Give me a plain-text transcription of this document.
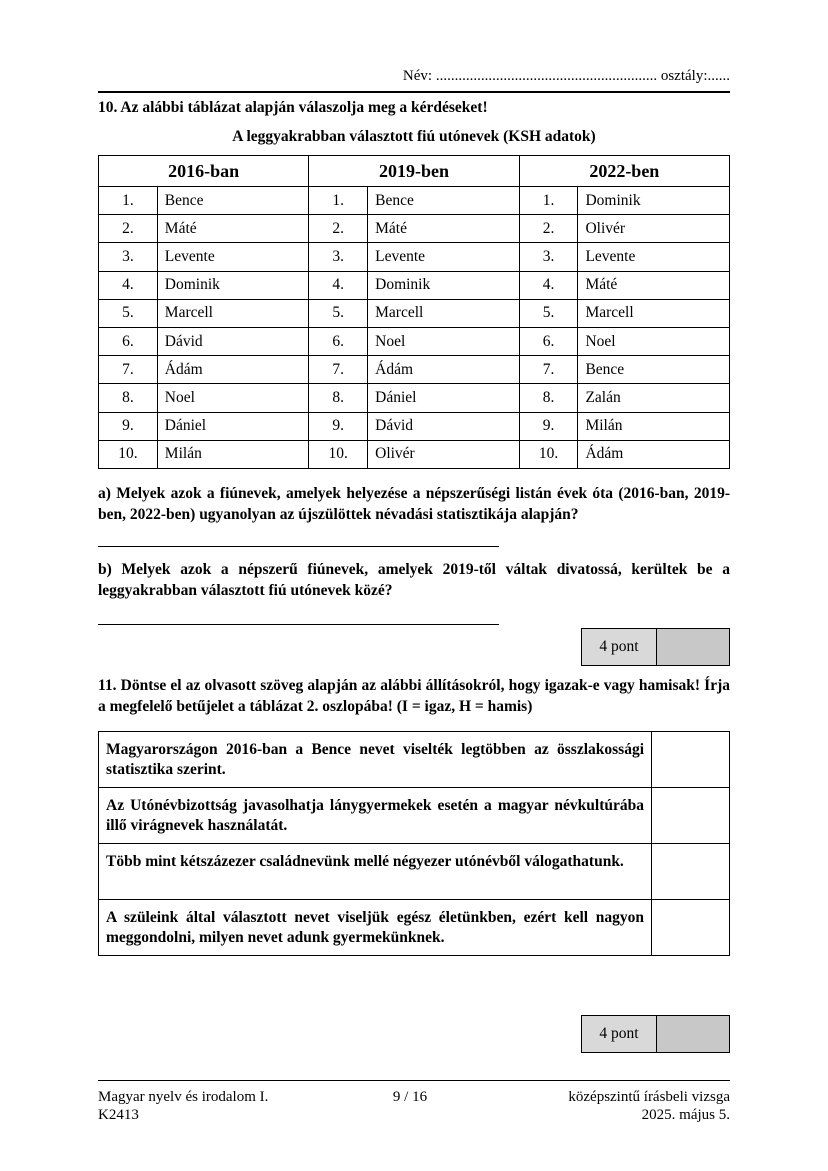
Név: ........................................................... osztály:......
10. Az alábbi táblázat alapján válaszolja meg a kérdéseket!
A leggyakrabban választott fiú utónevek (KSH adatok)
2016-ban		2019-ben		2022-ben	
1.	Bence	1.	Bence	1.	Dominik
2.	Máté	2.	Máté	2.	Olivér
3.	Levente	3.	Levente	3.	Levente
4.	Dominik	4.	Dominik	4.	Máté
5.	Marcell	5.	Marcell	5.	Marcell
6.	Dávid	6.	Noel	6.	Noel
7.	Ádám	7.	Ádám	7.	Bence
8.	Noel	8.	Dániel	8.	Zalán
9.	Dániel	9.	Dávid	9.	Milán
10.	Milán	10.	Olivér	10.	Ádám
a) Melyek azok a fiúnevek, amelyek helyezése a népszerűségi listán évek óta (2016-ban, 2019-ben, 2022-ben) ugyanolyan az újszülöttek névadási statisztikája alapján?
b) Melyek azok a népszerű fiúnevek, amelyek 2019-től váltak divatossá, kerültek be a leggyakrabban választott fiú utónevek közé?
4 pont
11. Döntse el az olvasott szöveg alapján az alábbi állításokról, hogy igazak-e vagy hamisak! Írja a megfelelő betűjelet a táblázat 2. oszlopába! (I = igaz, H = hamis)
Magyarországon 2016-ban a Bence nevet viselték legtöbben az összlakossági statisztika szerint.	
Az Utónévbizottság javasolhatja lánygyermekek esetén a magyar névkultúrába illő virágnevek használatát.	
Több mint kétszázezer családnevünk mellé négyezer utónévből válogathatunk.	
A szüleink által választott nevet viseljük egész életünkben, ezért kell nagyon meggondolni, milyen nevet adunk gyermekünknek.	
4 pont
Magyar nyelv és irodalom I.
K2413
9 / 16	középszintű írásbeli vizsga
2025. május 5.
